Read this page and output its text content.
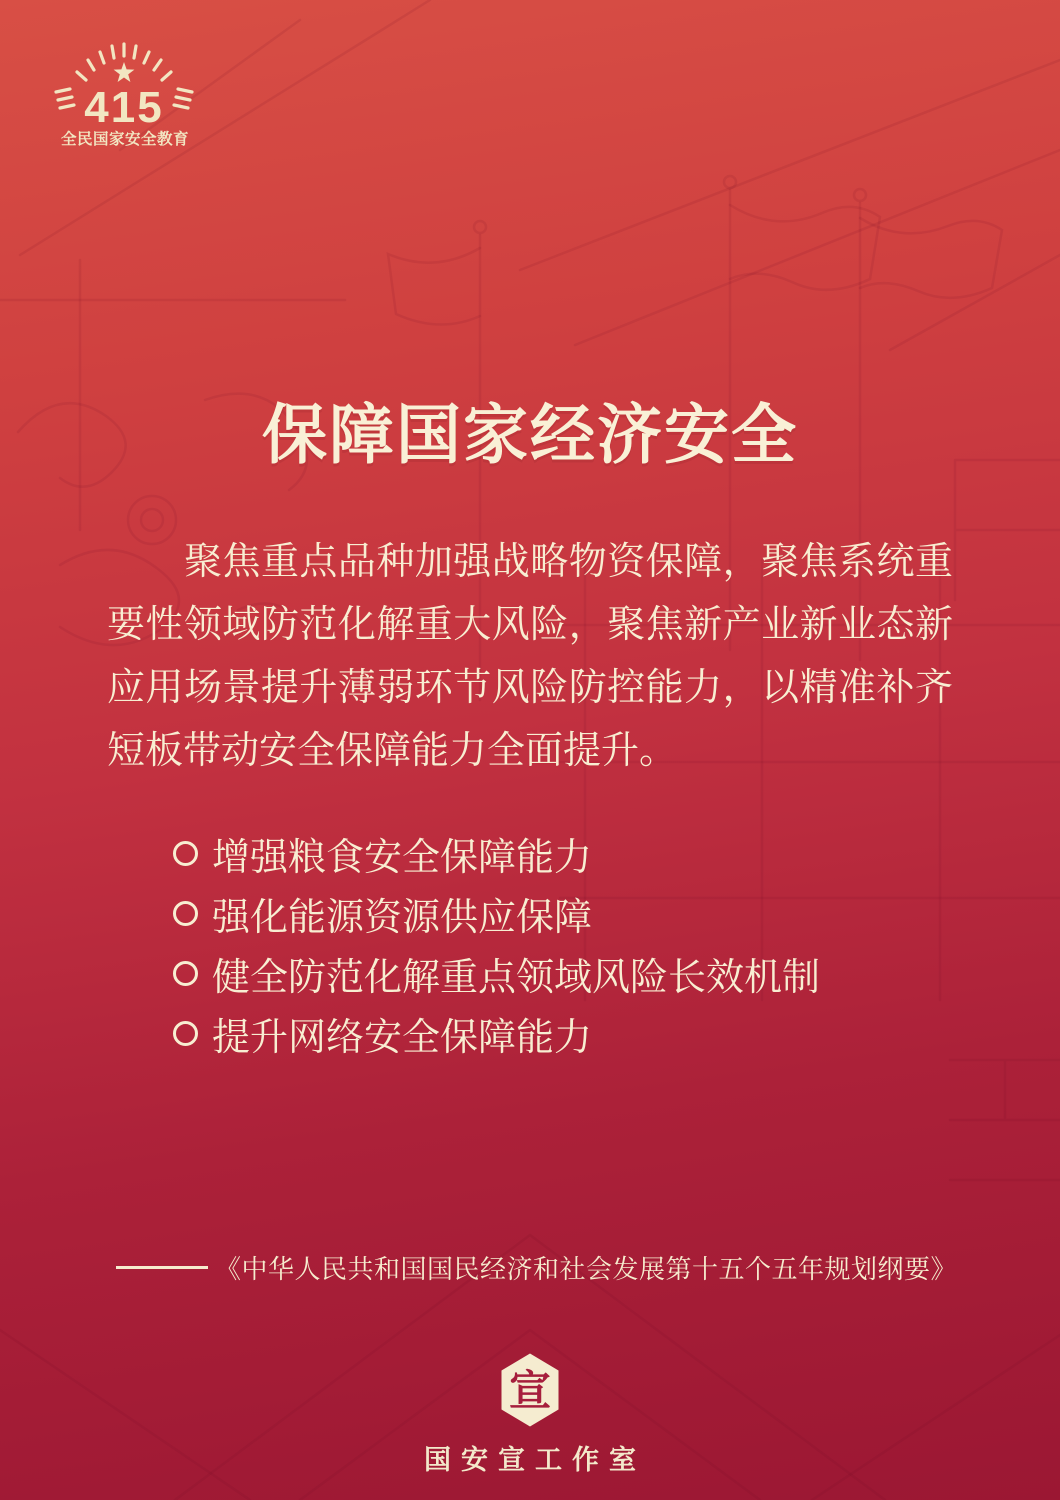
415
全民国家安全教育
保障国家经济安全
聚焦重点品种加强战略物资保障，聚焦系统重
要性领域防范化解重大风险，聚焦新产业新业态新
应用场景提升薄弱环节风险防控能力，以精准补齐
短板带动安全保障能力全面提升。
增强粮食安全保障能力
强化能源资源供应保障
健全防范化解重点领域风险长效机制
提升网络安全保障能力
《中华人民共和国国民经济和社会发展第十五个五年规划纲要》
宣
国安宣工作室
